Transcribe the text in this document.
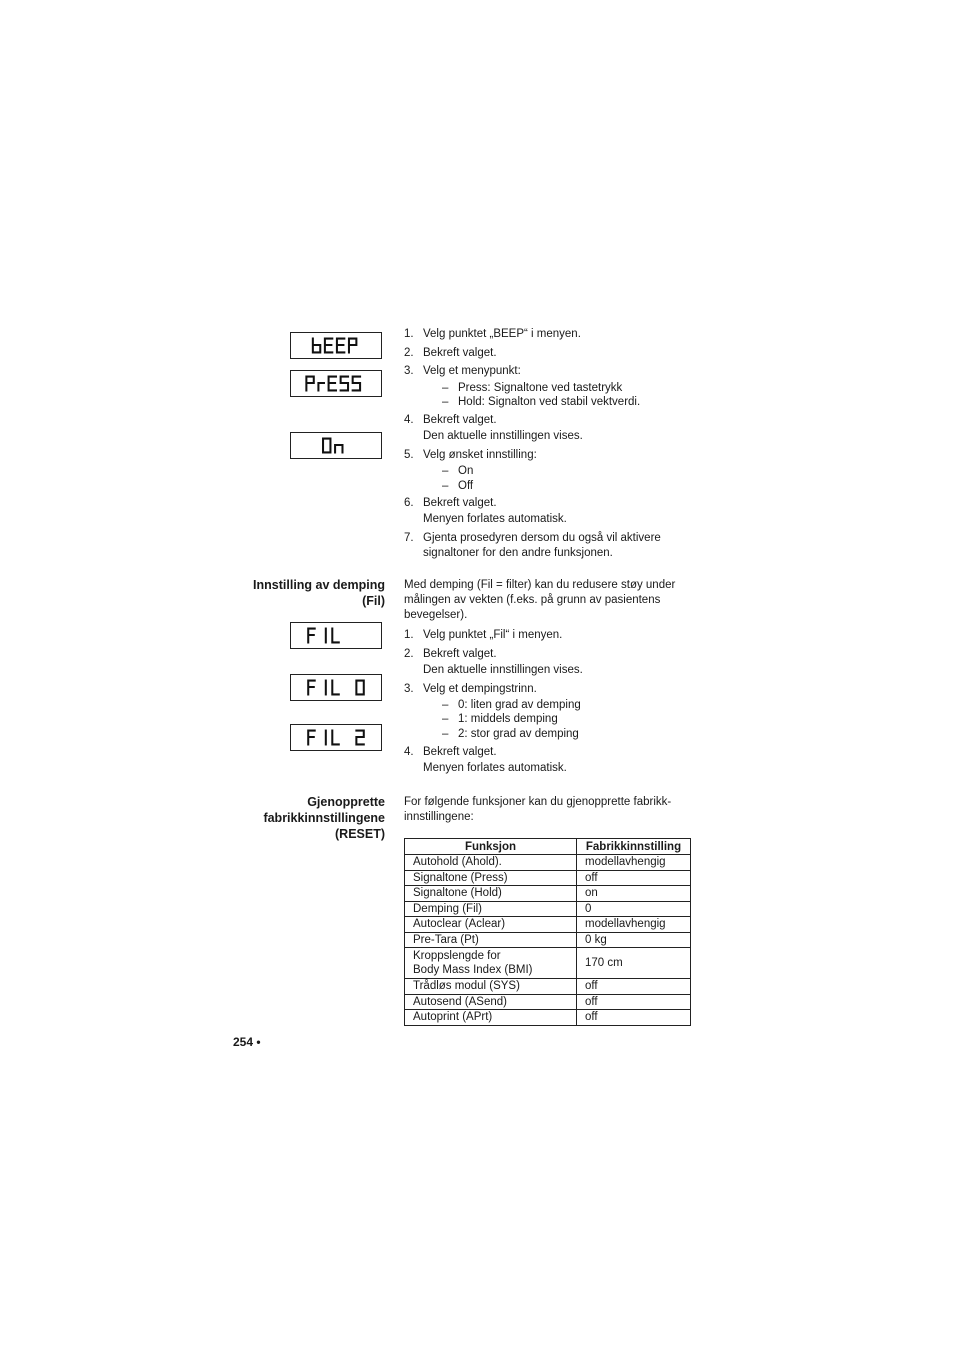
1. Velg punktet „BEEP“ i menyen.
2. Bekreft valget.
3. Velg et menypunkt:
– Press: Signaltone ved tastetrykk
– Hold: Signalton ved stabil vektverdi.
4. Bekreft valget.
Den aktuelle innstillingen vises.
5. Velg ønsket innstilling:
– On
– Off
6. Bekreft valget.
Menyen forlates automatisk.
7. Gjenta prosedyren dersom du også vil aktivere signaltoner for den andre funksjonen.
Innstilling av demping
(Fil)
Med demping (Fil = filter) kan du redusere støy under målingen av vekten (f.eks. på grunn av pasientens bevegelser).
1. Velg punktet „Fil“ i menyen.
2. Bekreft valget.
Den aktuelle innstillingen vises.
3. Velg et dempingstrinn.
– 0: liten grad av demping
– 1: middels demping
– 2: stor grad av demping
4. Bekreft valget.
Menyen forlates automatisk.
Gjenopprette
fabrikkinnstillingene
(RESET)
For følgende funksjoner kan du gjenopprette fabrikk-
innstillingene:
Funksjon	Fabrikkinnstilling
Autohold (Ahold).	modellavhengig
Signaltone (Press)	off
Signaltone (Hold)	on
Demping (Fil)	0
Autoclear (Aclear)	modellavhengig
Pre-Tara (Pt)	0 kg

Kroppslengde for
Body Mass Index (BMI)	170 cm
Trådløs modul (SYS)	off
Autosend (ASend)	off
Autoprint (APrt)	off
254 •
